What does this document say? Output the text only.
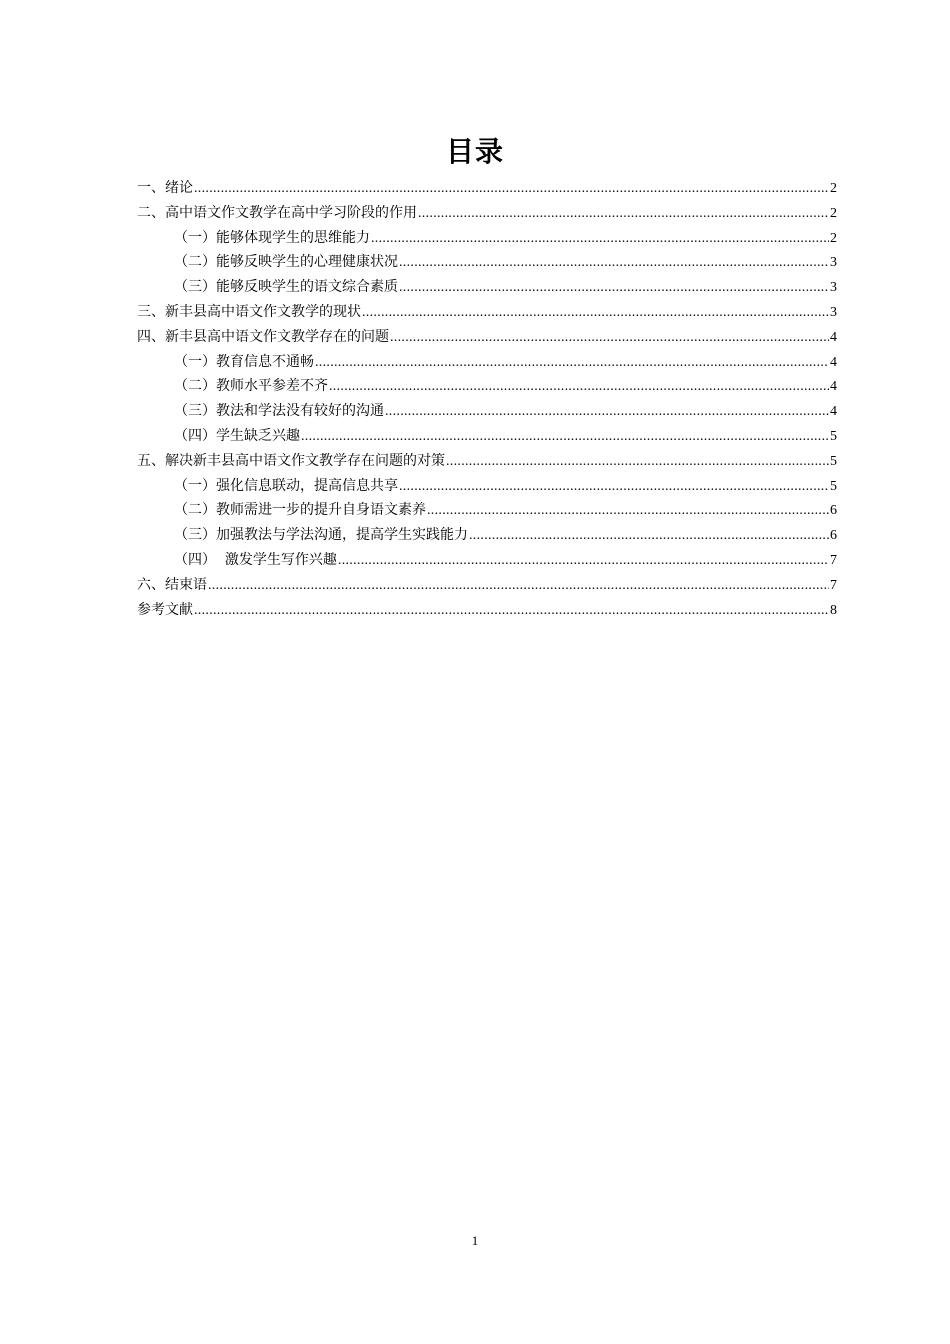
目录
一、绪论 .....	2
二、高中语文作文教学在高中学习阶段的作用 .....	2
（一）能够体现学生的思维能力 .....	2
（二）能够反映学生的心理健康状况 .....	3
（三）能够反映学生的语文综合素质 .....	3
三、新丰县高中语文作文教学的现状 .....	3
四、新丰县高中语文作文教学存在的问题 .....	4
（一）教育信息不通畅 .....	4
（二）教师水平参差不齐 .....	4
（三）教法和学法没有较好的沟通 .....	4
（四）学生缺乏兴趣 .....	5
五、解决新丰县高中语文作文教学存在问题的对策 .....	5
（一）强化信息联动，提高信息共享 .....	5
（二）教师需进一步的提升自身语文素养 .....	6
（三）加强教法与学法沟通，提高学生实践能力 .....	6
（四）  激发学生写作兴趣 .....	7
六、结束语 .....	7
参考文献 .....	8
1
